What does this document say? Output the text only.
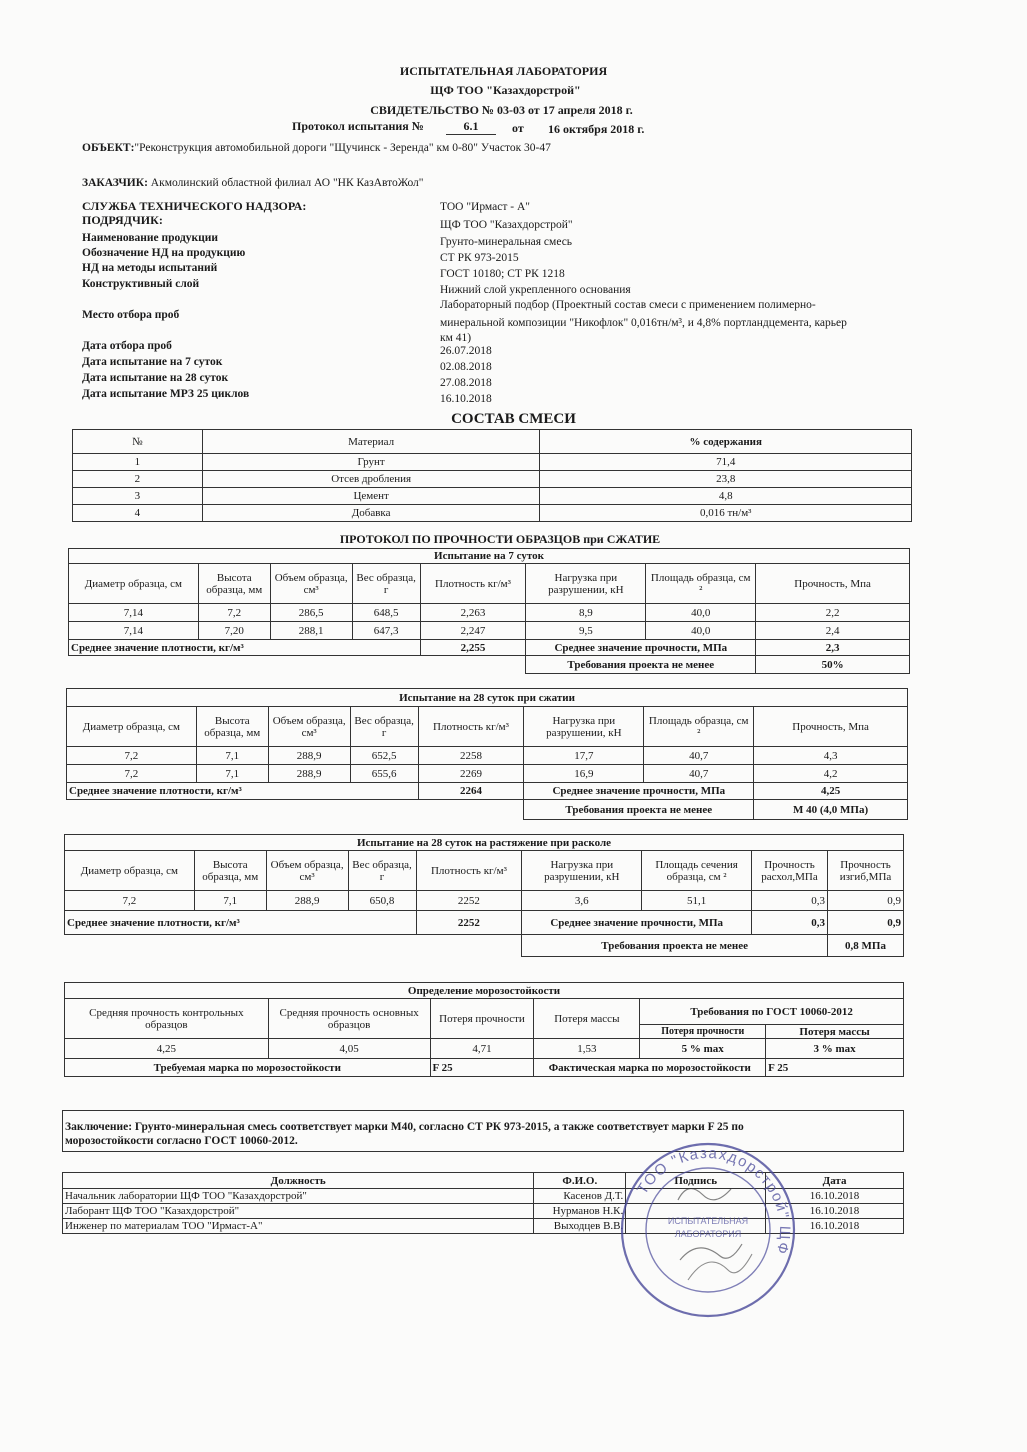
ИСПЫТАТЕЛЬНАЯ ЛАБОРАТОРИЯ
ЩФ ТОО "Казахдорстрой"
СВИДЕТЕЛЬСТВО № 03-03 от 17 апреля 2018 г.
Протокол испытания №	6.1	от 16 октября 2018 г.
ОБЪЕКТ:"Реконструкция автомобильной дороги "Щучинск - Зеренда" км 0-80" Участок 30-47
ЗАКАЗЧИК: Акмолинский областной филиал АО "НК КазАвтоЖол"
СЛУЖБА ТЕХНИЧЕСКОГО НАДЗОРА:	ТОО "Ирмаст - А"
ПОДРЯДЧИК:	ЩФ ТОО "Казахдорстрой"
Наименование продукции	Грунто-минеральная смесь
Обозначение НД на продукцию	СТ РК 973-2015
НД на методы испытаний	ГОСТ 10180; СТ РК 1218
Конструктивный слой	Нижний слой укрепленного основания
Место отбора проб
Лабораторный подбор (Проектный состав смеси с применением полимерно-
минеральной композиции "Никофлок" 0,016тн/м³, и 4,8% портландцемента, карьер
км 41)
Дата отбора проб	26.07.2018
Дата испытание на 7 суток	02.08.2018
Дата испытание на 28 суток	27.08.2018
Дата испытание МРЗ 25 циклов	16.10.2018
СОСТАВ СМЕСИ
№	Материал	% содержания
1	Грунт	71,4
2	Отсев дробления	23,8
3	Цемент	4,8
4	Добавка	0,016 тн/м³
ПРОТОКОЛ ПО ПРОЧНОСТИ ОБРАЗЦОВ при СЖАТИЕ
Испытание на 7 суток							
Диаметр образца, см	Высота образца, мм	Объем образца, см³	Вес образца, г	Плотность кг/м³	Нагрузка при разрушении, кН	Площадь образца, см ²	Прочность, Мпа
7,14	7,2	286,5	648,5	2,263	8,9	40,0	2,2
7,14	7,20	288,1	647,3	2,247	9,5	40,0	2,4
Среднее значение плотности, кг/м³				2,255	Среднее значение прочности, МПа		2,3
					Требования проекта не менее		50%
Испытание на 28 суток при сжатии							
Диаметр образца, см	Высота образца, мм	Объем образца, см³	Вес образца, г	Плотность кг/м³	Нагрузка при разрушении, кН	Площадь образца, см ²	Прочность, Мпа
7,2	7,1	288,9	652,5	2258	17,7	40,7	4,3
7,2	7,1	288,9	655,6	2269	16,9	40,7	4,2
Среднее значение плотности, кг/м³				2264	Среднее значение прочности, МПа		4,25
					Требования проекта не менее		М 40 (4,0 МПа)
Испытание на 28 суток на растяжение при расколе								
Диаметр образца, см	Высота образца, мм	Объем образца, см³	Вес образца, г	Плотность кг/м³	Нагрузка при разрушении, кН	Площадь сечения образца, см ²	Прочность расхол,МПа	Прочность изгиб,МПа
7,2	7,1	288,9	650,8	2252	3,6	51,1	0,3	0,9
Среднее значение плотности, кг/м³				2252	Среднее значение прочности, МПа		0,3	0,9
					Требования проекта не менее			0,8 МПа
Определение морозостойкости					
Средняя прочность контрольных образцов	Средняя прочность основных образцов	Потеря прочности	Потеря массы	Требования по ГОСТ 10060-2012	
				Потеря прочности	Потеря массы
4,25	4,05	4,71	1,53	5 % max	3 % max
Требуемая марка по морозостойкости		F 25	Фактическая марка по морозостойкости		F 25
Заключение: Грунто-минеральная смесь соответствует марки М40, согласно СТ РК 973-2015, а также соответствует марки F 25 по
морозостойкости согласно ГОСТ 10060-2012.
Должность	Ф.И.О.	Подпись	Дата
Начальник лаборатории ЩФ ТОО "Казахдорстрой"	Касенов Д.Т.		16.10.2018
Лаборант ЩФ ТОО "Казахдорстрой"	Нурманов Н.К.		16.10.2018
Инженер по материалам ТОО "Ирмаст-А"	Выходцев В.В.		16.10.2018
ТОО "Казахдорстрой" ЩФ
ИСПЫТАТЕЛЬНАЯ
ЛАБОРАТОРИЯ
